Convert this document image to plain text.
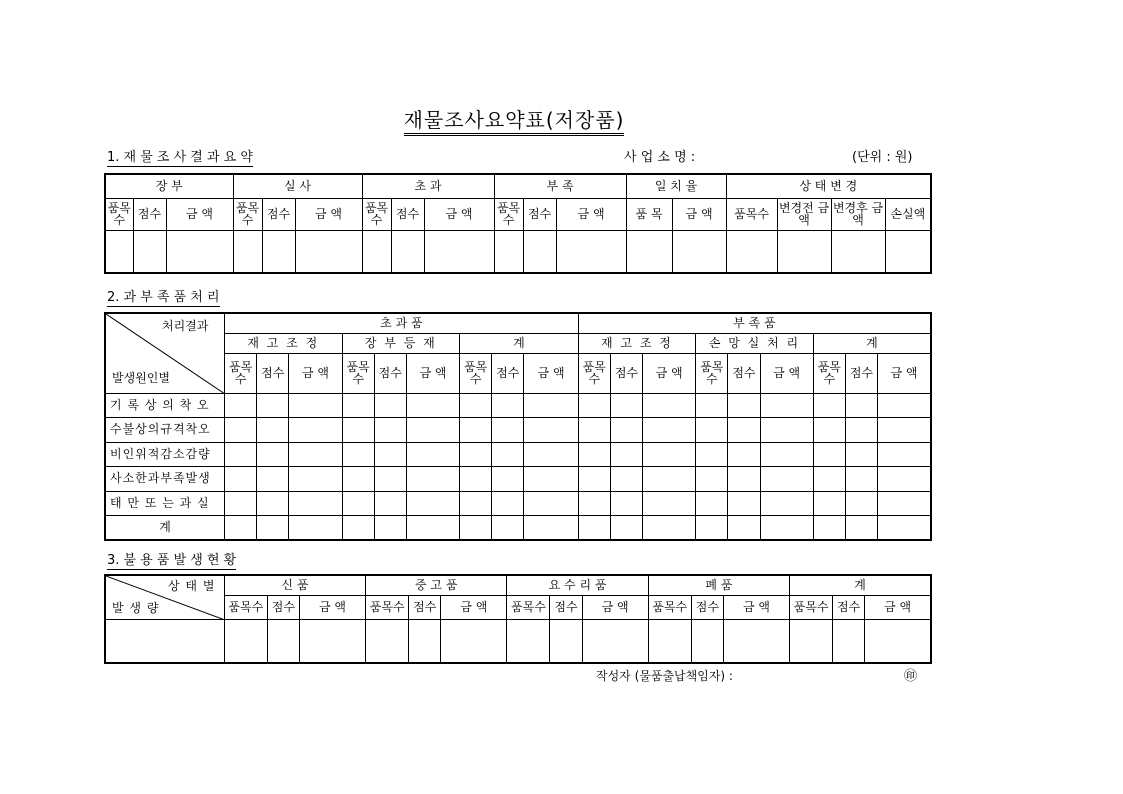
재물조사요약표(저장품)
1. 재 물 조 사 결 과 요 약	사 업 소 명 :	(단위 : 원)
장 부			실 사			초 과			부 족			일 치 율		상 태 변 경			
품목수	점수	금 액	품목수	점수	금 액	품목수	점수	금 액	품목수	점수	금 액	품 목	금 액	품목수	변경전 금 액	변경후 금 액	손실액

2. 과 부 족 품 처 리
처리결과
발생원인별	초 과 품									부 족 품								
	재 고 조 정			장 부 등 재			계			재 고 조 정			손 망 실 처 리			계		
	품목수	점수	금 액	품목수	점수	금 액	품목수	점수	금 액	품목수	점수	금 액	품목수	점수	금 액	품목수	점수	금 액
기 록 상 의 착 오																		
수불상의규격착오																		
비인위적감소감량																		
사소한과부족발생																		
태 만 또 는 과 실																		
계																		
3. 불 용 품 발 생 현 황
상 태 별
발 생 량	신 품			중 고 품			요 수 리 품			폐 품			계		
	품목수	점수	금 액	품목수	점수	금 액	품목수	점수	금 액	품목수	점수	금 액	품목수	점수	금 액

작성자 (물품출납책임자) :	㊞
